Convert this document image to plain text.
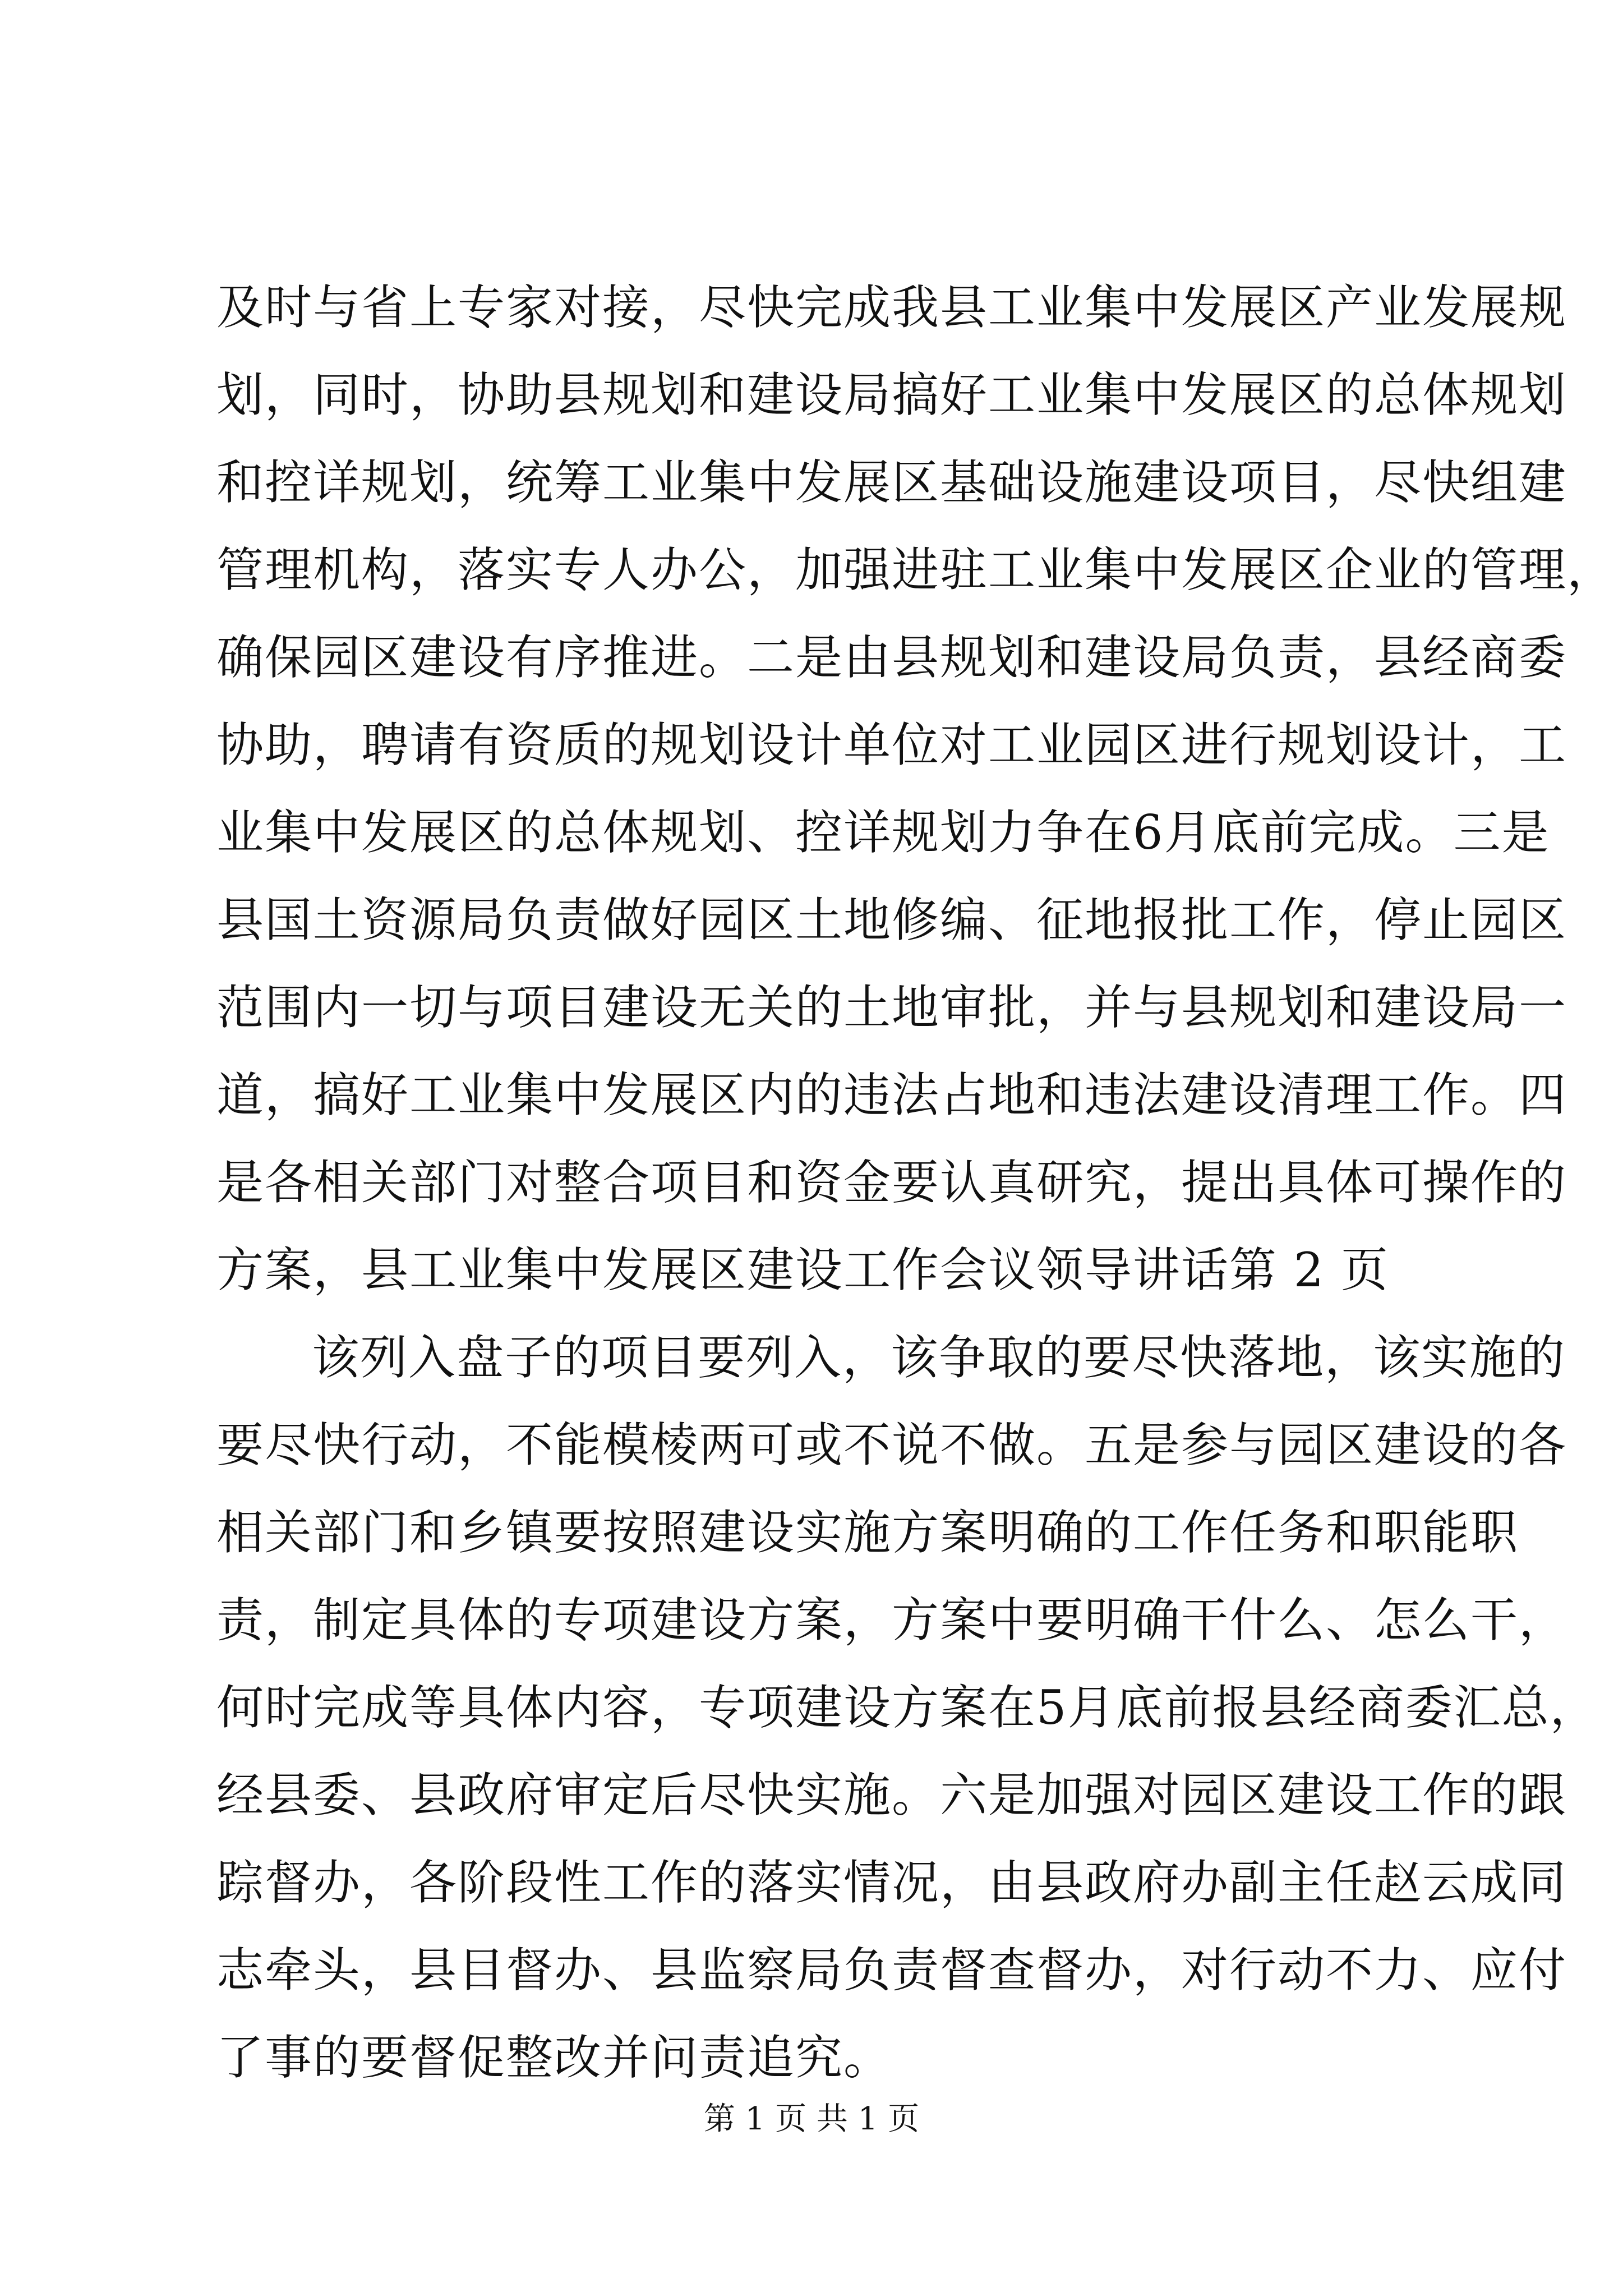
及时与省上专家对接，尽快完成我县工业集中发展区产业发展规
划，同时，协助县规划和建设局搞好工业集中发展区的总体规划
和控详规划，统筹工业集中发展区基础设施建设项目，尽快组建
管理机构，落实专人办公，加强进驻工业集中发展区企业的管理，
确保园区建设有序推进。二是由县规划和建设局负责，县经商委
协助，聘请有资质的规划设计单位对工业园区进行规划设计，工
业集中发展区的总体规划、控详规划力争在6月底前完成。三是
县国土资源局负责做好园区土地修编、征地报批工作，停止园区
范围内一切与项目建设无关的土地审批，并与县规划和建设局一
道，搞好工业集中发展区内的违法占地和违法建设清理工作。四
是各相关部门对整合项目和资金要认真研究，提出具体可操作的
方案，县工业集中发展区建设工作会议领导讲话第 2 页
该列入盘子的项目要列入，该争取的要尽快落地，该实施的
要尽快行动，不能模棱两可或不说不做。五是参与园区建设的各
相关部门和乡镇要按照建设实施方案明确的工作任务和职能职
责，制定具体的专项建设方案，方案中要明确干什么、怎么干，
何时完成等具体内容，专项建设方案在5月底前报县经商委汇总，
经县委、县政府审定后尽快实施。六是加强对园区建设工作的跟
踪督办，各阶段性工作的落实情况，由县政府办副主任赵云成同
志牵头，县目督办、县监察局负责督查督办，对行动不力、应付
了事的要督促整改并问责追究。
第 1 页 共 1 页
